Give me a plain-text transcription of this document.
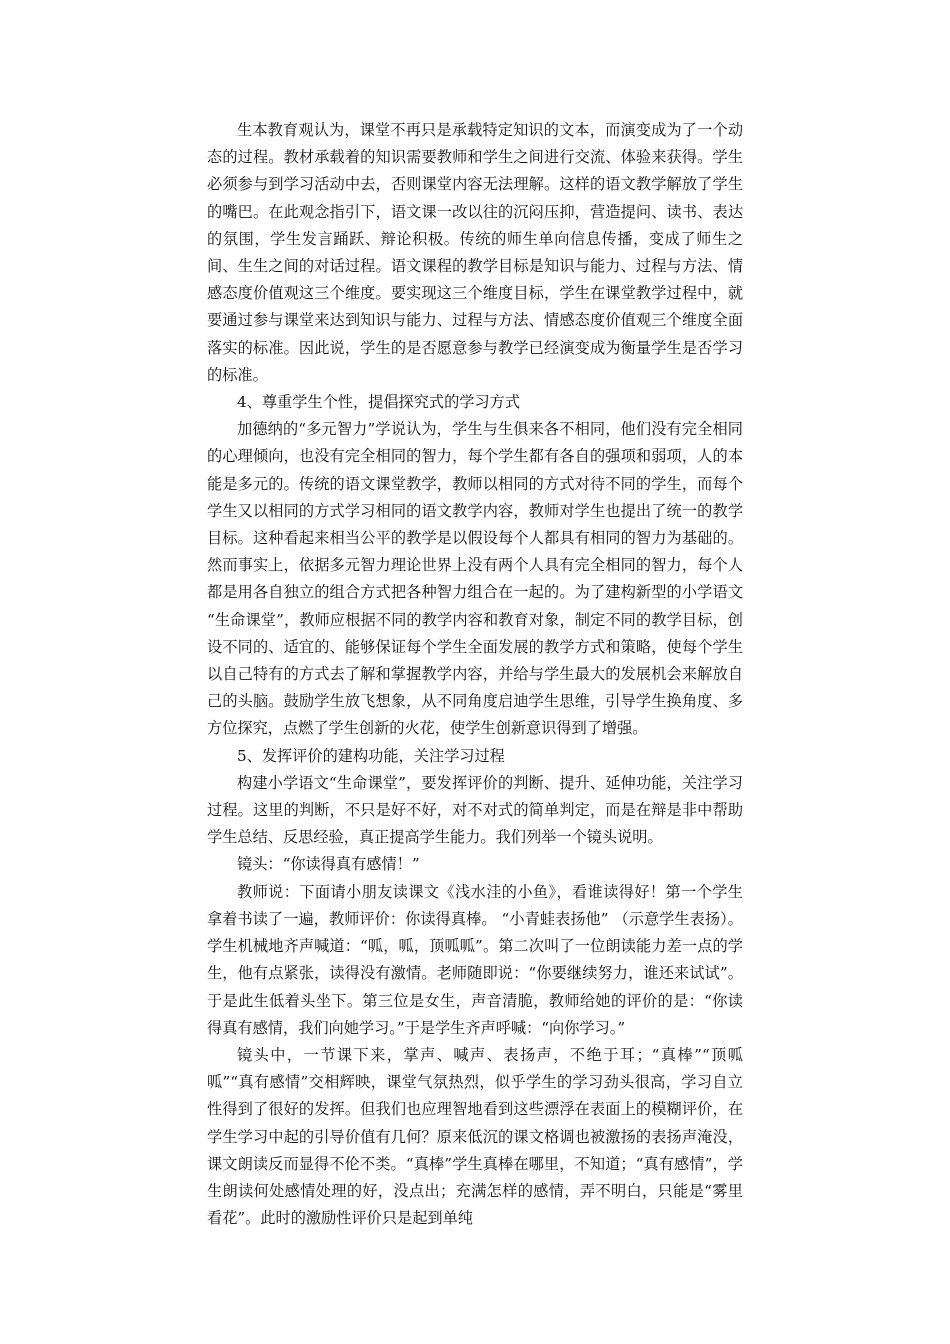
生本教育观认为，课堂不再只是承载特定知识的文本，而演变成为了一个动态的过程。教材承载着的知识需要教师和学生之间进行交流、体验来获得。学生必须参与到学习活动中去，否则课堂内容无法理解。这样的语文教学解放了学生的嘴巴。在此观念指引下，语文课一改以往的沉闷压抑，营造提问、读书、表达的氛围，学生发言踊跃、辩论积极。传统的师生单向信息传播，变成了师生之间、生生之间的对话过程。语文课程的教学目标是知识与能力、过程与方法、情感态度价值观这三个维度。要实现这三个维度目标，学生在课堂教学过程中，就要通过参与课堂来达到知识与能力、过程与方法、情感态度价值观三个维度全面落实的标准。因此说，学生的是否愿意参与教学已经演变成为衡量学生是否学习的标准。

4、尊重学生个性，提倡探究式的学习方式

加德纳的“多元智力”学说认为，学生与生俱来各不相同，他们没有完全相同的心理倾向，也没有完全相同的智力，每个学生都有各自的强项和弱项，人的本能是多元的。传统的语文课堂教学，教师以相同的方式对待不同的学生，而每个学生又以相同的方式学习相同的语文教学内容，教师对学生也提出了统一的教学目标。这种看起来相当公平的教学是以假设每个人都具有相同的智力为基础的。然而事实上，依据多元智力理论世界上没有两个人具有完全相同的智力，每个人都是用各自独立的组合方式把各种智力组合在一起的。为了建构新型的小学语文 “生命课堂”，教师应根据不同的教学内容和教育对象，制定不同的教学目标，创设不同的、适宜的、能够保证每个学生全面发展的教学方式和策略，使每个学生以自己特有的方式去了解和掌握教学内容，并给与学生最大的发展机会来解放自己的头脑。鼓励学生放飞想象，从不同角度启迪学生思维，引导学生换角度、多方位探究，点燃了学生创新的火花，使学生创新意识得到了增强。

5、发挥评价的建构功能，关注学习过程

构建小学语文“生命课堂”，要发挥评价的判断、提升、延伸功能，关注学习过程。这里的判断，不只是好不好，对不对式的简单判定，而是在辩是非中帮助学生总结、反思经验，真正提高学生能力。我们列举一个镜头说明。

镜头：“你读得真有感情！”

教师说：下面请小朋友读课文《浅水洼的小鱼》，看谁读得好！第一个学生拿着书读了一遍，教师评价：你读得真棒。 “小青蛙表扬他” （示意学生表扬）。学生机械地齐声喊道：“呱，呱，顶呱呱”。第二次叫了一位朗读能力差一点的学生，他有点紧张，读得没有激情。老师随即说：“你要继续努力，谁还来试试”。于是此生低着头坐下。第三位是女生，声音清脆，教师给她的评价的是：“你读得真有感情，我们向她学习。”于是学生齐声呼喊：“向你学习。”

镜头中，一节课下来，掌声、喊声、表扬声，不绝于耳；“真棒”“顶呱呱”“真有感情”交相辉映，课堂气氛热烈，似乎学生的学习劲头很高，学习自立性得到了很好的发挥。但我们也应理智地看到这些漂浮在表面上的模糊评价，在学生学习中起的引导价值有几何？原来低沉的课文格调也被激扬的表扬声淹没，课文朗读反而显得不伦不类。“真棒”学生真棒在哪里，不知道；“真有感情”，学生朗读何处感情处理的好，没点出；充满怎样的感情，弄不明白，只能是“雾里看花”。此时的激励性评价只是起到单纯
